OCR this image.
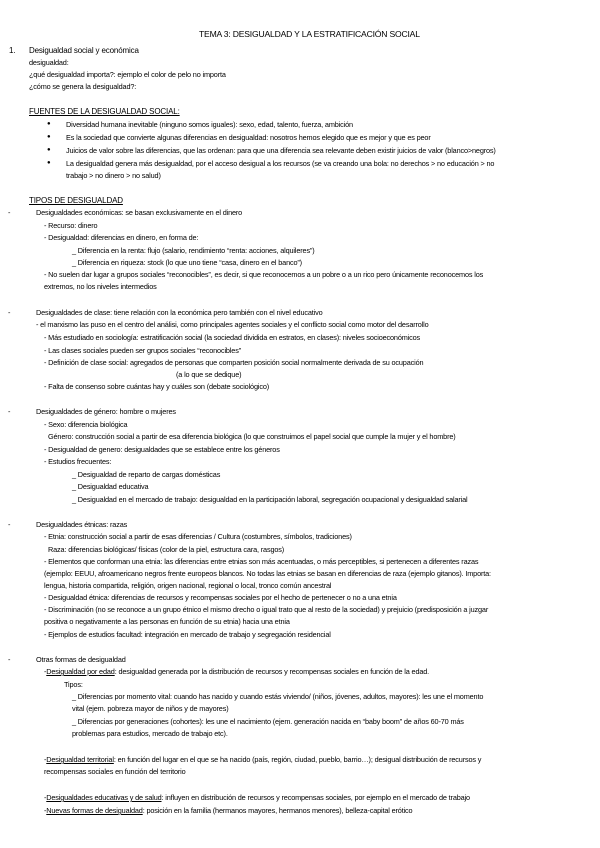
TEMA 3: DESIGUALDAD Y LA ESTRATIFICACIÓN SOCIAL
1. Desigualdad social y económica
desigualdad:
¿qué desigualdad importa?: ejemplo el color de pelo no importa
¿cómo se genera la desigualdad?:
FUENTES DE LA DESIGUALDAD SOCIAL:
● Diversidad humana inevitable (ninguno somos iguales): sexo, edad, talento, fuerza, ambición
● Es la sociedad que convierte algunas diferencias en desigualdad: nosotros hemos elegido que es mejor y que es peor
● Juicios de valor sobre las diferencias, que las ordenan: para que una diferencia sea relevante deben existir juicios de valor (blanco>negros)
● La desigualdad genera más desigualdad, por el acceso desigual a los recursos (se va creando una bola: no derechos > no educación > no
trabajo > no dinero > no salud)
TIPOS DE DESIGUALDAD
-	Desigualdades económicas: se basan exclusivamente en el dinero
- Recurso: dinero
- Desigualdad: diferencias en dinero, en forma de:
_ Diferencia en la renta: flujo (salario, rendimiento “renta: acciones, alquileres”)
_ Diferencia en riqueza: stock (lo que uno tiene “casa, dinero en el banco”)
- No suelen dar lugar a grupos sociales “reconocibles”, es decir, si que reconocemos a un pobre o a un rico pero únicamente reconocemos los
extremos, no los niveles intermedios
-	Desigualdades de clase: tiene relación con la económica pero también con el nivel educativo
- el marxismo las puso en el centro del análisi, como principales agentes sociales y el conflicto social como motor del desarrollo
- Más estudiado en sociología: estratificación social (la sociedad dividida en estratos, en clases): niveles socioeconómicos
- Las clases sociales pueden ser grupos sociales “reconocibles”
- Definición de clase social: agregados de personas que comparten posición social normalmente derivada de su ocupación
(a lo que se dedique)
- Falta de consenso sobre cuántas hay y cuáles son (debate sociológico)
-	Desigualdades de género: hombre o mujeres
- Sexo: diferencia biológica
Género: construcción social a partir de esa diferencia biológica (lo que construimos el papel social que cumple la mujer y el hombre)
- Desigualdad de genero: desigualdades que se establece entre los géneros
- Estudios frecuentes:
_ Desigualdad de reparto de cargas domésticas
_ Desigualdad educativa
_ Desigualdad en el mercado de trabajo: desigualdad en la participación laboral, segregación ocupacional y desigualdad salarial
-	Desigualdades étnicas: razas
- Etnia: construcción social a partir de esas diferencias / Cultura (costumbres, símbolos, tradiciones)
Raza: diferencias biológicas/ físicas (color de la piel, estructura cara, rasgos)
- Elementos que conforman una etnia: las diferencias entre etnias son más acentuadas, o más perceptibles, si pertenecen a diferentes razas
(ejemplo: EEUU, afroamericano negros frente europeos blancos. No todas las etnias se basan en diferencias de raza (ejemplo gitanos). Importa:
lengua, historia compartida, religión, origen nacional, regional o local, tronco común ancestral
- Desigualdad étnica: diferencias de recursos y recompensas sociales por el hecho de pertenecer o no a una etnia
- Discriminación (no se reconoce a un grupo étnico el mismo drecho o igual trato que al resto de la sociedad) y prejuicio (predisposición a juzgar
positiva o negativamente a las personas en función de su etnia) hacia una etnia
- Ejemplos de estudios facultad: integración en mercado de trabajo y segregación residencial
-	Otras formas de desigualdad
-Desigualdad por edad: desigualdad generada por la distribución de recursos y recompensas sociales en función de la edad.
Tipos:
_ Diferencias por momento vital: cuando has nacido y cuando estás viviendo/ (niños, jóvenes, adultos, mayores): les une el momento
vital (ejem. pobreza mayor de niños y de mayores)
_ Diferencias por generaciones (cohortes): les une el nacimiento (ejem. generación nacida en “baby boom” de años 60-70 más
problemas para estudios, mercado de trabajo etc).
-Desigualdad territorial: en función del lugar en el que se ha nacido (país, región, ciudad, pueblo, barrio…); desigual distribución de recursos y
recompensas sociales en función del territorio
-Desigualdades educativas y de salud: influyen en distribución de recursos y recompensas sociales, por ejemplo en el mercado de trabajo
-Nuevas formas de desigualdad: posición en la familia (hermanos mayores, hermanos menores), belleza-capital erótico
